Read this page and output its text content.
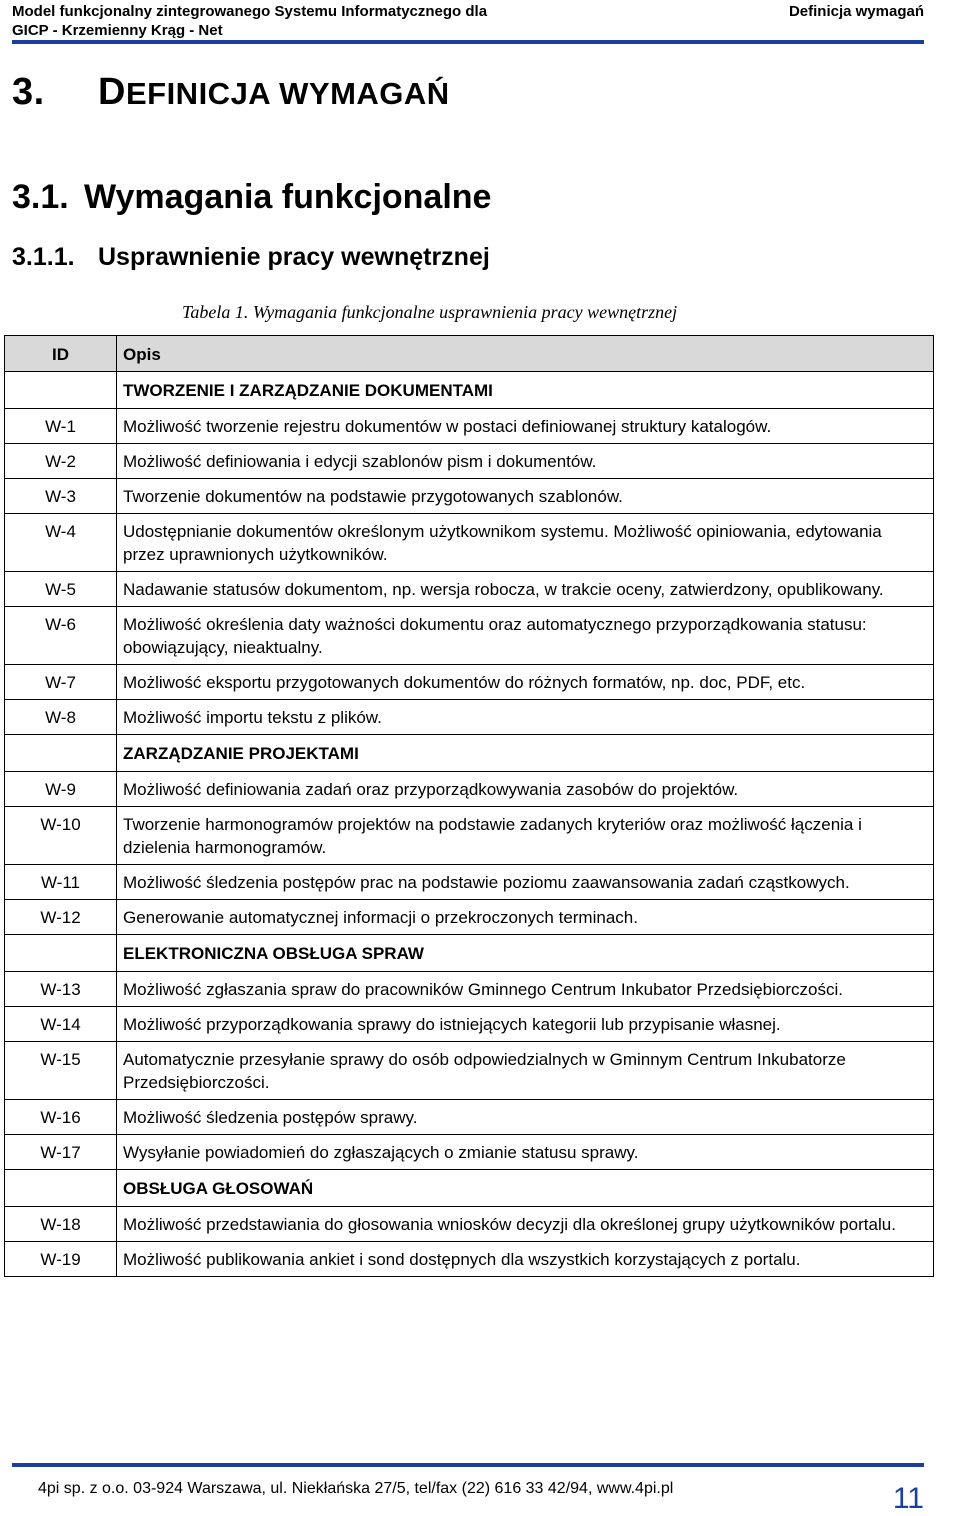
Model funkcjonalny zintegrowanego Systemu Informatycznego dla
GICP - Krzemienny Krąg - Net
Definicja wymagań
3. DEFINICJA WYMAGAŃ
3.1. Wymagania funkcjonalne
3.1.1. Usprawnienie pracy wewnętrznej
Tabela 1. Wymagania funkcjonalne usprawnienia pracy wewnętrznej
ID	Opis
	TWORZENIE I ZARZĄDZANIE DOKUMENTAMI
W-1	Możliwość tworzenie rejestru dokumentów w postaci definiowanej struktury katalogów.
W-2	Możliwość definiowania i edycji szablonów pism i dokumentów.
W-3	Tworzenie dokumentów na podstawie przygotowanych szablonów.
W-4	Udostępnianie dokumentów określonym użytkownikom systemu. Możliwość opiniowania, edytowania przez uprawnionych użytkowników.
W-5	Nadawanie statusów dokumentom, np. wersja robocza, w trakcie oceny, zatwierdzony, opublikowany.
W-6	Możliwość określenia daty ważności dokumentu oraz automatycznego przyporządkowania statusu: obowiązujący, nieaktualny.
W-7	Możliwość eksportu przygotowanych dokumentów do różnych formatów, np. doc, PDF, etc.
W-8	Możliwość importu tekstu z plików.
	ZARZĄDZANIE PROJEKTAMI
W-9	Możliwość definiowania zadań oraz przyporządkowywania zasobów do projektów.
W-10	Tworzenie harmonogramów projektów na podstawie zadanych kryteriów oraz możliwość łączenia i dzielenia harmonogramów.
W-11	Możliwość śledzenia postępów prac na podstawie poziomu zaawansowania zadań cząstkowych.
W-12	Generowanie automatycznej informacji o przekroczonych terminach.
	ELEKTRONICZNA OBSŁUGA SPRAW
W-13	Możliwość zgłaszania spraw do pracowników Gminnego Centrum Inkubator Przedsiębiorczości.
W-14	Możliwość przyporządkowania sprawy do istniejących kategorii lub przypisanie własnej.
W-15	Automatycznie przesyłanie sprawy do osób odpowiedzialnych w Gminnym Centrum Inkubatorze Przedsiębiorczości.
W-16	Możliwość śledzenia postępów sprawy.
W-17	Wysyłanie powiadomień do zgłaszających o zmianie statusu sprawy.
	OBSŁUGA GŁOSOWAŃ
W-18	Możliwość przedstawiania do głosowania wniosków decyzji dla określonej grupy użytkowników portalu.
W-19	Możliwość publikowania ankiet i sond dostępnych dla wszystkich korzystających z portalu.
4pi sp. z o.o. 03-924 Warszawa, ul. Niekłańska 27/5, tel/fax (22) 616 33 42/94, www.4pi.pl	11
